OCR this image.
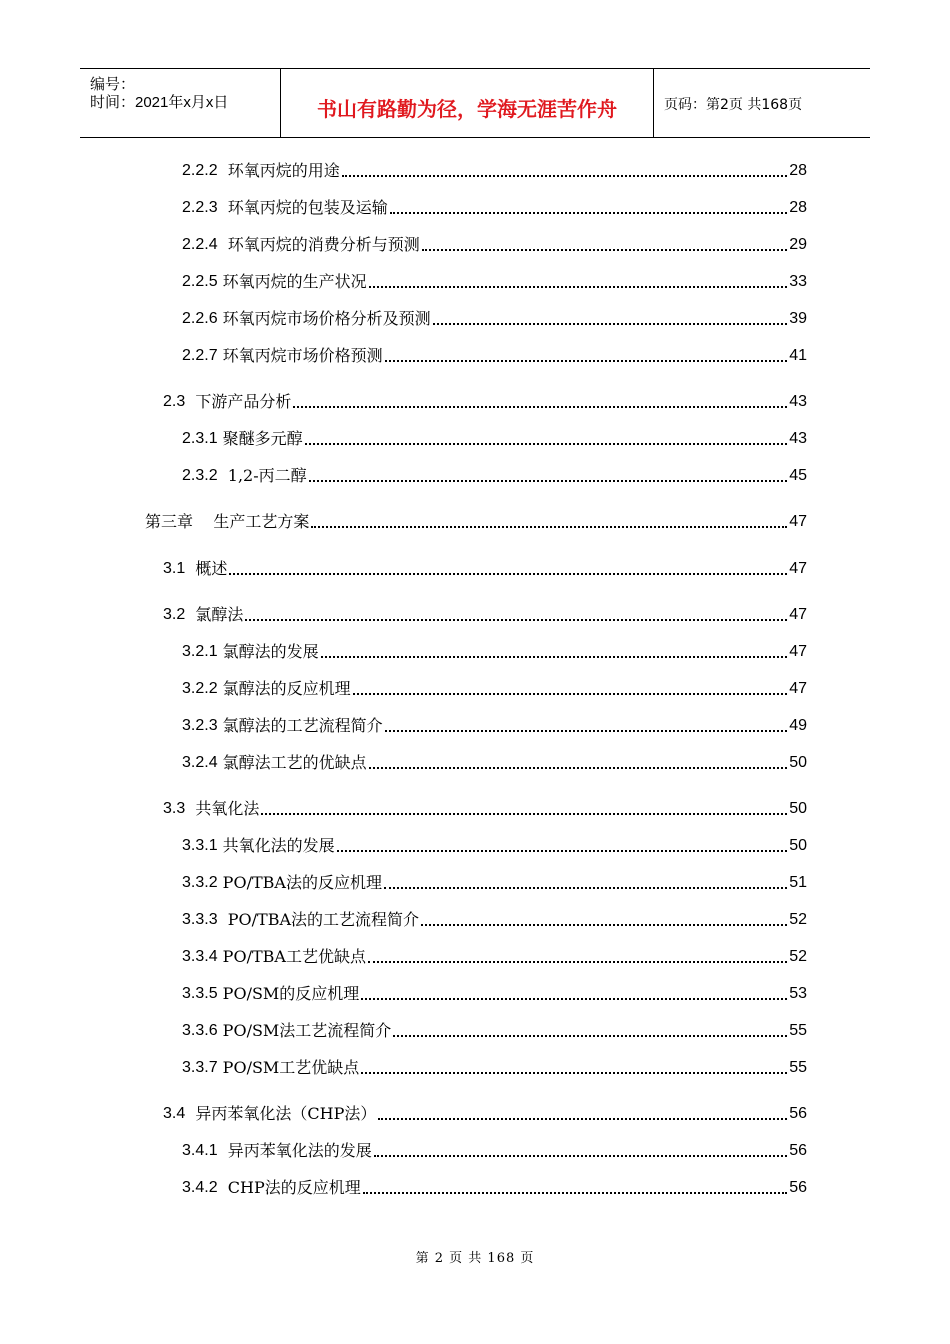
编号：
时间：2021年x月x日	书山有路勤为径，学海无涯苦作舟	页码：第2页 共168页
2.2.2 环氧丙烷的用途	28
2.2.3 环氧丙烷的包装及运输	28
2.2.4 环氧丙烷的消费分析与预测	29
2.2.5 环氧丙烷的生产状况	33
2.2.6 环氧丙烷市场价格分析及预测	39
2.2.7 环氧丙烷市场价格预测	41
2.3 下游产品分析	43
2.3.1 聚醚多元醇	43
2.3.2 1,2-丙二醇	45
第三章    生产工艺方案	47
3.1 概述	47
3.2 氯醇法	47
3.2.1 氯醇法的发展	47
3.2.2 氯醇法的反应机理	47
3.2.3 氯醇法的工艺流程简介	49
3.2.4 氯醇法工艺的优缺点	50
3.3 共氧化法	50
3.3.1 共氧化法的发展	50
3.3.2 PO/TBA法的反应机理	51
3.3.3 PO/TBA法的工艺流程简介	52
3.3.4 PO/TBA工艺优缺点	52
3.3.5 PO/SM的反应机理	53
3.3.6 PO/SM法工艺流程简介	55
3.3.7 PO/SM工艺优缺点	55
3.4 异丙苯氧化法（CHP法）	56
3.4.1 异丙苯氧化法的发展	56
3.4.2 CHP法的反应机理	56
第 2 页 共 168 页
